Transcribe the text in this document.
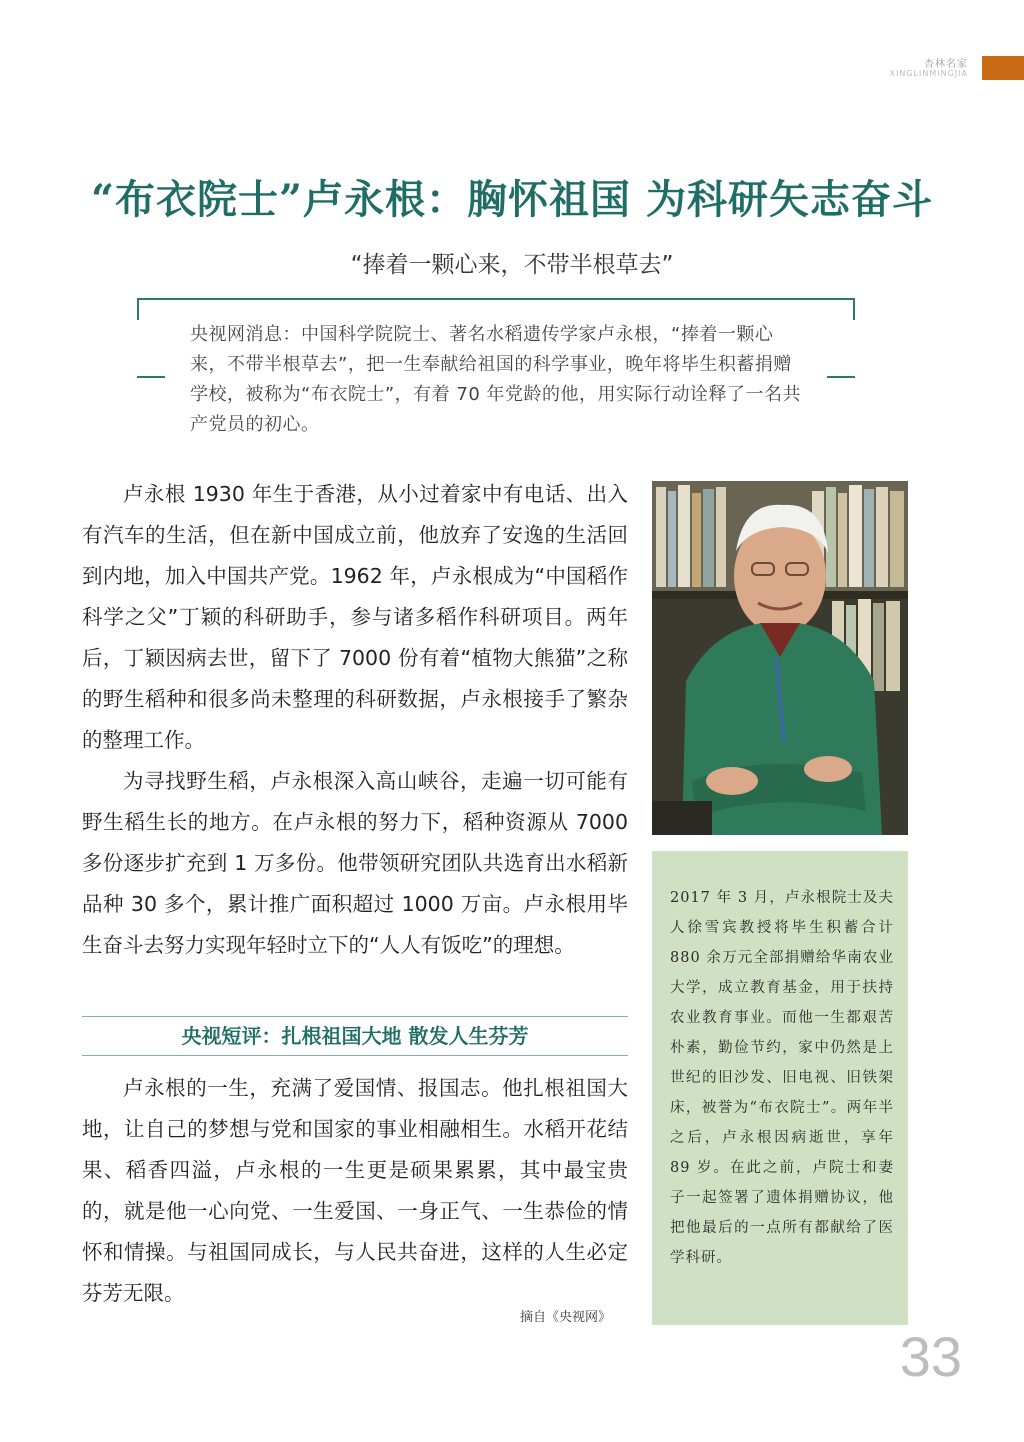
杏林名家
XINGLINMINGJIA
“布衣院士”卢永根：胸怀祖国 为科研矢志奋斗
“捧着一颗心来，不带半根草去”
央视网消息：中国科学院院士、著名水稻遗传学家卢永根，“捧着一颗心来，不带半根草去”，把一生奉献给祖国的科学事业，晚年将毕生积蓄捐赠学校，被称为“布衣院士”，有着 70 年党龄的他，用实际行动诠释了一名共产党员的初心。

卢永根 1930 年生于香港，从小过着家中有电话、出入有汽车的生活，但在新中国成立前，他放弃了安逸的生活回到内地，加入中国共产党。1962 年，卢永根成为“中国稻作科学之父”丁颖的科研助手，参与诸多稻作科研项目。两年后，丁颖因病去世，留下了 7000 份有着“植物大熊猫”之称的野生稻种和很多尚未整理的科研数据，卢永根接手了繁杂的整理工作。

为寻找野生稻，卢永根深入高山峡谷，走遍一切可能有野生稻生长的地方。在卢永根的努力下，稻种资源从 7000 多份逐步扩充到 1 万多份。他带领研究团队共选育出水稻新品种 30 多个，累计推广面积超过 1000 万亩。卢永根用毕生奋斗去努力实现年轻时立下的“人人有饭吃”的理想。

央视短评：扎根祖国大地 散发人生芬芳

卢永根的一生，充满了爱国情、报国志。他扎根祖国大地，让自己的梦想与党和国家的事业相融相生。水稻开花结果、稻香四溢，卢永根的一生更是硕果累累，其中最宝贵的，就是他一心向党、一生爱国、一身正气、一生恭俭的情怀和情操。与祖国同成长，与人民共奋进，这样的人生必定芬芳无限。

摘自《央视网》
2017 年 3 月，卢永根院士及夫人徐雪宾教授将毕生积蓄合计 880 余万元全部捐赠给华南农业大学，成立教育基金，用于扶持农业教育事业。而他一生都艰苦朴素，勤俭节约，家中仍然是上世纪的旧沙发、旧电视、旧铁架床，被誉为“布衣院士”。两年半之后，卢永根因病逝世，享年 89 岁。在此之前，卢院士和妻子一起签署了遗体捐赠协议，他把他最后的一点所有都献给了医学科研。
33
